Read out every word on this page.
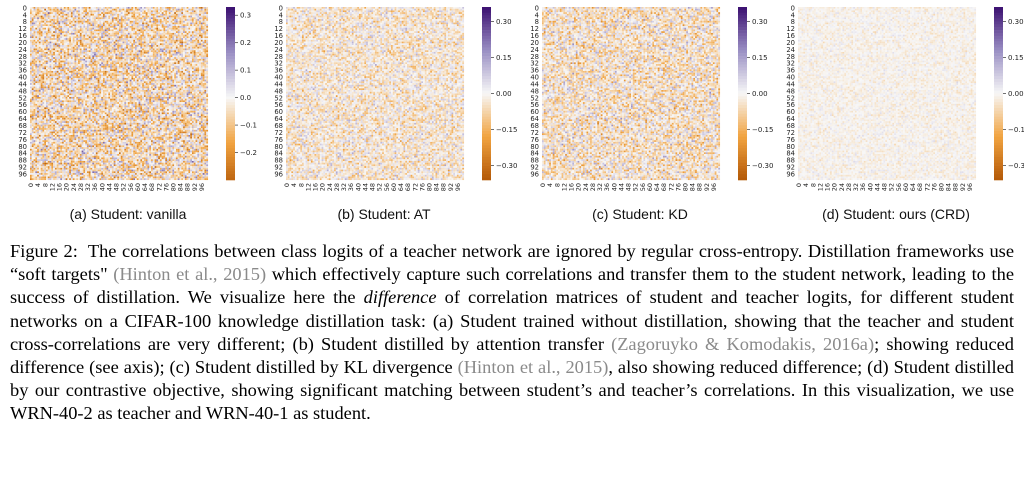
0
4
8
12
16
20
24
28
32
36
40
44
48
52
56
60
64
68
72
76
80
84
88
92
96
0 4 8 12 16 20 24 28 32 36 40 44 48 52 56 60 64 68 72 76 80 84 88 92 96
0.3
0.2
0.1
0.0
−0.1
−0.2
(a) Student: vanilla
0
4
8
12
16
20
24
28
32
36
40
44
48
52
56
60
64
68
72
76
80
84
88
92
96
0 4 8 12 16 20 24 28 32 36 40 44 48 52 56 60 64 68 72 76 80 84 88 92 96
0.30
0.15
0.00
−0.15
−0.30
(b) Student: AT
0
4
8
12
16
20
24
28
32
36
40
44
48
52
56
60
64
68
72
76
80
84
88
92
96
0 4 8 12 16 20 24 28 32 36 40 44 48 52 56 60 64 68 72 76 80 84 88 92 96
0.30
0.15
0.00
−0.15
−0.30
(c) Student: KD
0
4
8
12
16
20
24
28
32
36
40
44
48
52
56
60
64
68
72
76
80
84
88
92
96
0 4 8 12 16 20 24 28 32 36 40 44 48 52 56 60 64 68 72 76 80 84 88 92 96
0.30
0.15
0.00
−0.1
−0.3
(d) Student: ours (CRD)
Figure 2: The correlations between class logits of a teacher network are ignored by regular cross-entropy. Distillation frameworks use “soft targets" (Hinton et al., 2015) which effectively capture such correlations and transfer them to the student network, leading to the success of distillation. We visualize here the difference of correlation matrices of student and teacher logits, for different student networks on a CIFAR-100 knowledge distillation task: (a) Student trained without distillation, showing that the teacher and student cross-correlations are very different; (b) Student distilled by attention transfer (Zagoruyko & Komodakis, 2016a); showing reduced difference (see axis); (c) Student distilled by KL divergence (Hinton et al., 2015), also showing reduced difference; (d) Student distilled by our contrastive objective, showing significant matching between student’s and teacher’s correlations. In this visualization, we use WRN-40-2 as teacher and WRN-40-1 as student.
